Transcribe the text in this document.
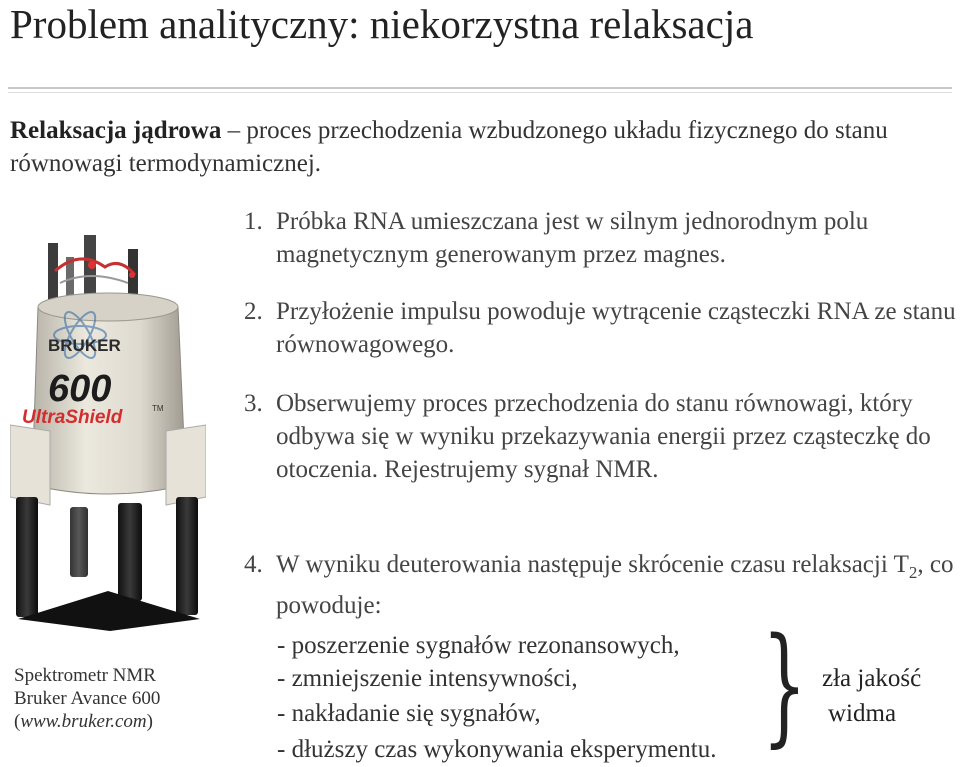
Problem analityczny: niekorzystna relaksacja
Relaksacja jądrowa – proces przechodzenia wzbudzonego układu fizycznego do stanu równowagi termodynamicznej.
BRUKER
600
UltraShield	TM
1. Próbka RNA umieszczana jest w silnym jednorodnym polu magnetycznym generowanym przez magnes.
2. Przyłożenie impulsu powoduje wytrącenie cząsteczki RNA ze stanu równowagowego.
3. Obserwujemy proces przechodzenia do stanu równowagi, który odbywa się w wyniku przekazywania energii przez cząsteczkę do otoczenia. Rejestrujemy sygnał NMR.
4. W wyniku deuterowania następuje skrócenie czasu relaksacji $T_2$, co powoduje:
- poszerzenie sygnałów rezonansowych,
- zmniejszenie intensywności,
- nakładanie się sygnałów,
- dłuższy czas wykonywania eksperymentu. } zła jakość
widma
Spektrometr NMR
Bruker Avance 600
(www.bruker.com)
